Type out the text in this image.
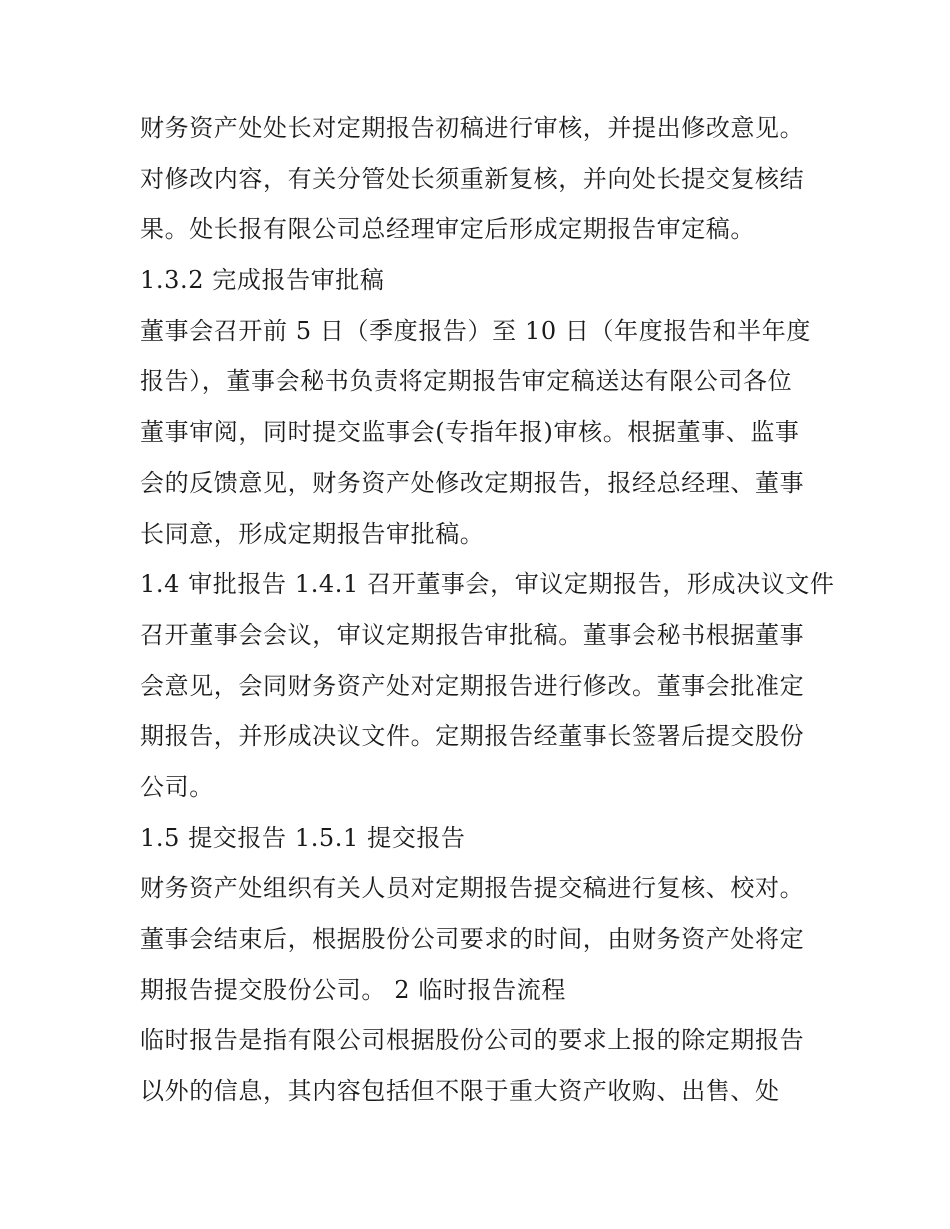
财务资产处处长对定期报告初稿进行审核，并提出修改意见。
对修改内容，有关分管处长须重新复核，并向处长提交复核结
果。处长报有限公司总经理审定后形成定期报告审定稿。
1.3.2 完成报告审批稿
董事会召开前 5 日（季度报告）至 10 日（年度报告和半年度
报告），董事会秘书负责将定期报告审定稿送达有限公司各位
董事审阅，同时提交监事会(专指年报)审核。根据董事、监事
会的反馈意见，财务资产处修改定期报告，报经总经理、董事
长同意，形成定期报告审批稿。
1.4 审批报告 1.4.1 召开董事会，审议定期报告，形成决议文件
召开董事会会议，审议定期报告审批稿。董事会秘书根据董事
会意见，会同财务资产处对定期报告进行修改。董事会批准定
期报告，并形成决议文件。定期报告经董事长签署后提交股份
公司。
1.5 提交报告 1.5.1 提交报告
财务资产处组织有关人员对定期报告提交稿进行复核、校对。
董事会结束后，根据股份公司要求的时间，由财务资产处将定
期报告提交股份公司。 2 临时报告流程
临时报告是指有限公司根据股份公司的要求上报的除定期报告
以外的信息，其内容包括但不限于重大资产收购、出售、处
